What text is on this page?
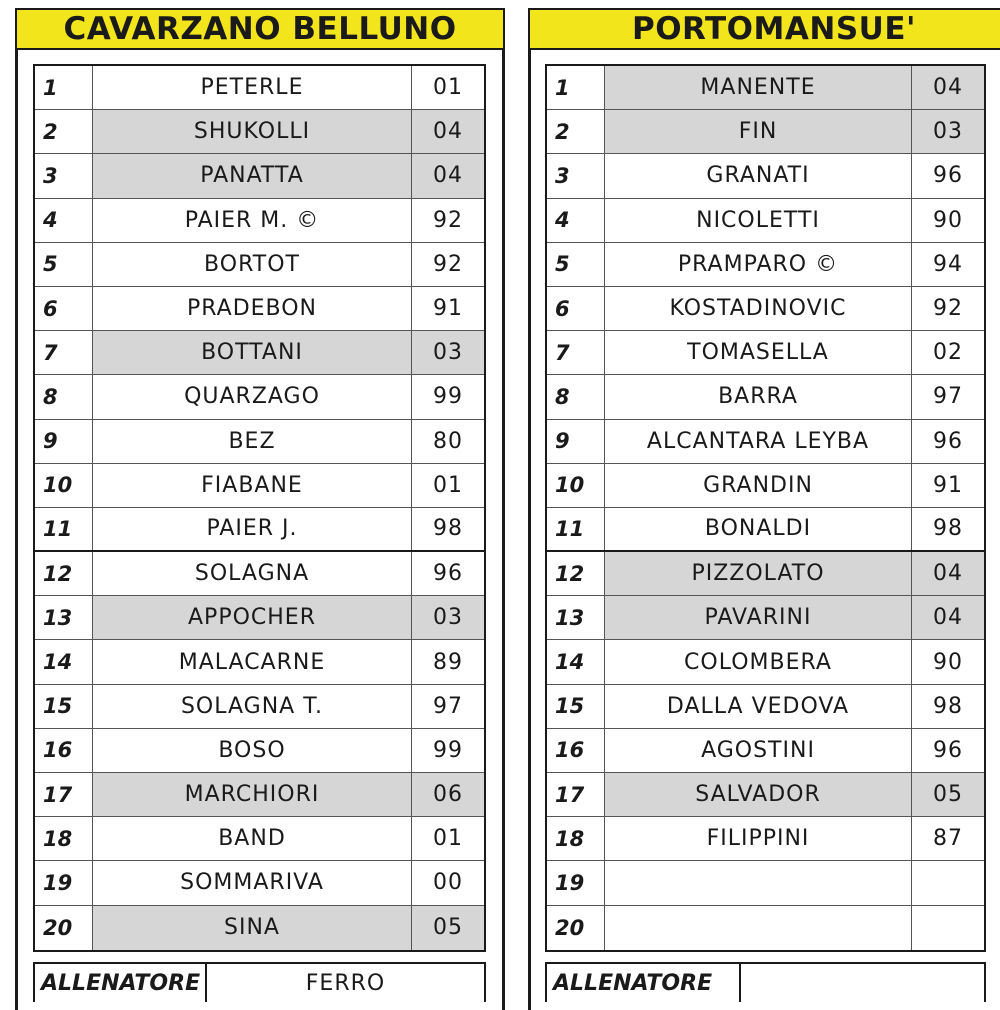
CAVARZANO BELLUNO
1	PETERLE	01
2	SHUKOLLI	04
3	PANATTA	04
4	PAIER M. ©	92
5	BORTOT	92
6	PRADEBON	91
7	BOTTANI	03
8	QUARZAGO	99
9	BEZ	80
10	FIABANE	01
11	PAIER J.	98
12	SOLAGNA	96
13	APPOCHER	03
14	MALACARNE	89
15	SOLAGNA T.	97
16	BOSO	99
17	MARCHIORI	06
18	BAND	01
19	SOMMARIVA	00
20	SINA	05
ALLENATORE	FERRO
PORTOMANSUE'
1	MANENTE	04
2	FIN	03
3	GRANATI	96
4	NICOLETTI	90
5	PRAMPARO ©	94
6	KOSTADINOVIC	92
7	TOMASELLA	02
8	BARRA	97
9	ALCANTARA LEYBA	96
10	GRANDIN	91
11	BONALDI	98
12	PIZZOLATO	04
13	PAVARINI	04
14	COLOMBERA	90
15	DALLA VEDOVA	98
16	AGOSTINI	96
17	SALVADOR	05
18	FILIPPINI	87
19
20
ALLENATORE
